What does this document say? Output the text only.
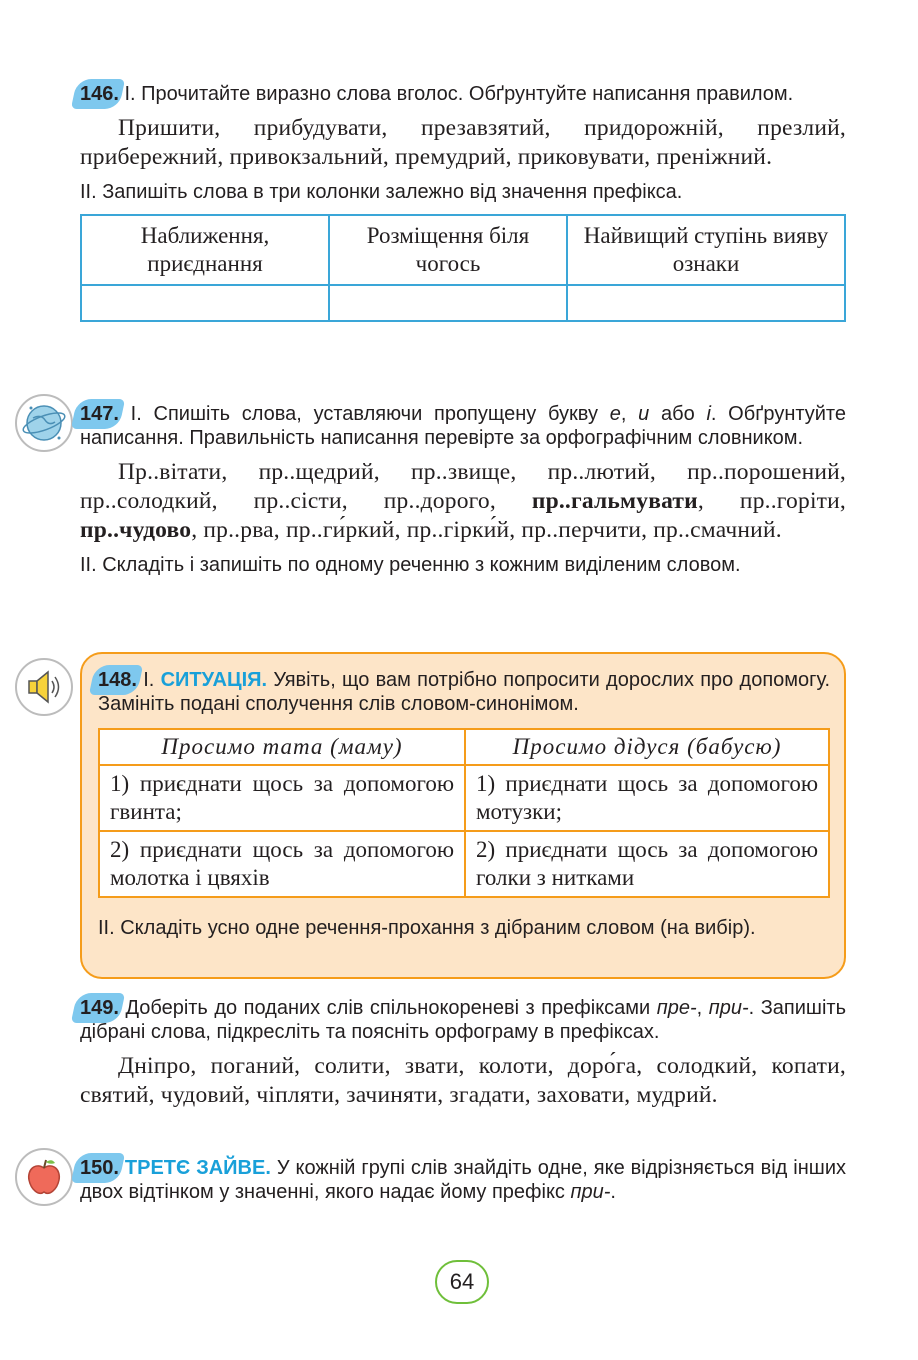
146. І. Прочитайте виразно слова вголос. Обґрунтуйте написання правилом.

Пришити, прибудувати, презавзятий, придорожній, презлий, прибережний, привокзальний, премудрий, приковувати, преніжний.

ІІ. Запишіть слова в три колонки залежно від значення префікса.

Наближення, приєднання	Розміщення біля чогось	Найвищий ступінь вияву ознаки

147. І. Спишіть слова, уставляючи пропущену букву е, и або і. Обґрунтуйте написання. Правильність написання перевірте за орфографічним словником.

Пр..вітати, пр..щедрий, пр..звище, пр..лютий, пр..порошений, пр..солодкий, пр..сісти, пр..дорого, пр..гальмувати, пр..горіти, пр..чудово, пр..рва, пр..ги́ркий, пр..гірки́й, пр..перчити, пр..смачний.

ІІ. Складіть і запишіть по одному реченню з кожним виділеним словом.

148. І. СИТУАЦІЯ. Уявіть, що вам потрібно попросити дорослих про допомогу. Замініть подані сполучення слів словом-синонімом.

Просимо тата (маму)	Просимо дідуся (бабусю)
1) приєднати щось за допомогою гвинта;	1) приєднати щось за допомогою мотузки;
2) приєднати щось за допомогою молотка і цвяхів	2) приєднати щось за допомогою голки з нитками

ІІ. Складіть усно одне речення-прохання з дібраним словом (на вибір).

149. Доберіть до поданих слів спільнокореневі з префіксами пре-, при-. Запишіть дібрані слова, підкресліть та поясніть орфограму в префіксах.

Дніпро, поганий, солити, звати, колоти, доро́га, солодкий, копати, святий, чудовий, чіпляти, зачиняти, згадати, заховати, мудрий.

150. ТРЕТЄ ЗАЙВЕ. У кожній групі слів знайдіть одне, яке відрізняється від інших двох відтінком у значенні, якого надає йому префікс при-.

64
